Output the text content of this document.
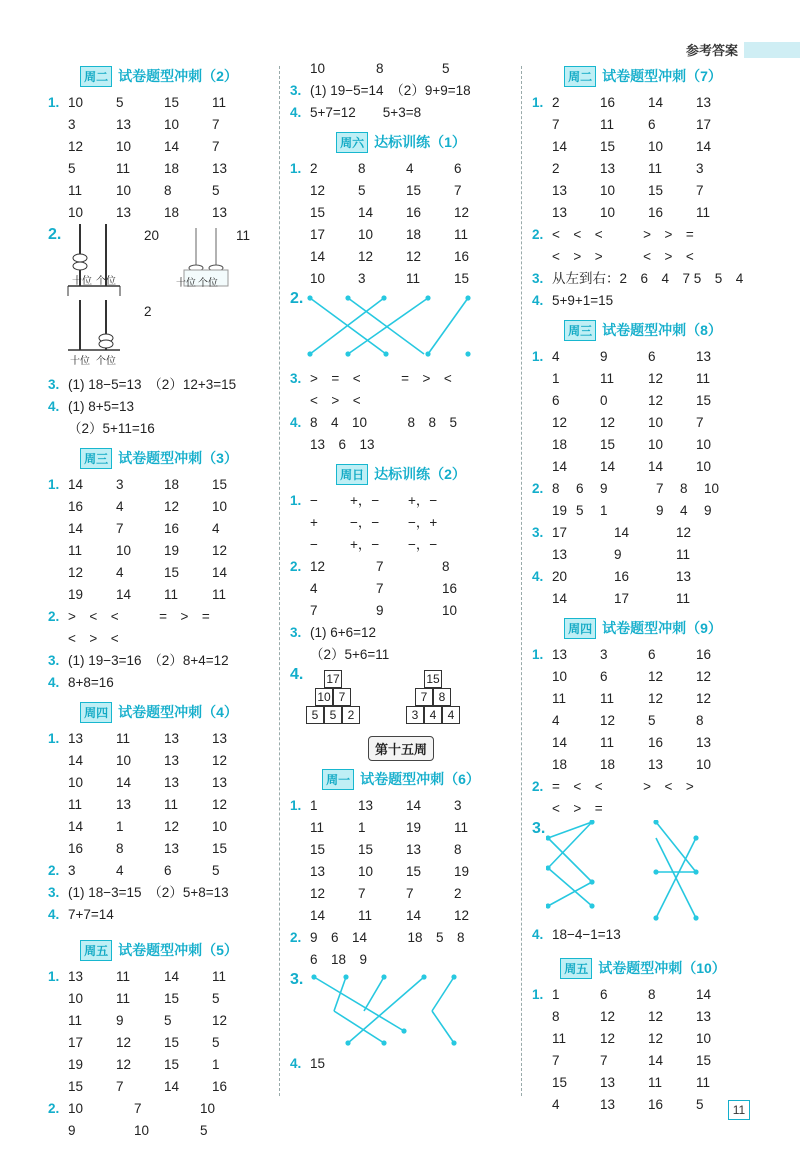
参考答案
周二 试卷题型冲刺（2）
1. 10	5	15	11
3	13	10	7
12	10	14	7
5	11	18	13
11	10	8	5
10	13	18	13
2.
十位 个位	十位 个位
十位 个位
20	11
2
3. (1) 18−5=13　（2）12+3=15
4. (1) 8+5=13
（2）5+11=16
周三 试卷题型冲刺（3）
1. 14	3	18	15
16	4	12	10
14	7	16	4
11	10	19	12
12	4	15	14
19	14	11	11
2. >　<　<　　　=　>　=
<　>　<
3. (1) 19−3=16　（2）8+4=12
4. 8+8=16
周四 试卷题型冲刺（4）
1. 13	11	13	13
14	10	13	12
10	14	13	13
11	13	11	12
14	1	12	10
16	8	13	15
2. 3	4	6	5
3. (1) 18−3=15　（2）5+8=13
4. 7+7=14
周五 试卷题型冲刺（5）
1. 13	11	14	11
10	11	15	5
11	9	5	12
17	12	15	5
19	12	15	1
15	7	14	16
2. 10	7	10
9	10	5
10	8	5
3. (1) 19−5=14　（2）9+9=18
4. 5+7=12　　5+3=8
周六 达标训练（1）
1. 2	8	4	6
12	5	15	7
15	14	16	12
17	10	18	11
14	12	12	16
10	3	11	15
2.
3. >　=　<　　　=　>　<
<　>　<
4. 8　4　10　　　8　8　5
13　6　13
周日 达标训练（2）
1. −	+，−	+，−
+	−，−	−，+
−	+，−	−，−
2. 12	7	8
4	7	16
7	9	10
3. (1) 6+6=12
（2）5+6=11
4.	17
10 7
5 5 2
15
7 8
3 4 4
第十五周
周一 试卷题型冲刺（6）
1. 1	13	14	3
11	1	19	11
15	15	13	8
13	10	15	19
12	7	7	2
14	11	14	12
2. 9　6　14　　　18　5　8
6　18　9
3.
4. 15
周二 试卷题型冲刺（7）
1. 2	16	14	13
7	11	6	17
14	15	10	14
2	13	11	3
13	10	15	7
13	10	16	11
2. <　<　<　　　>　>　=
<　>　>　　　<　>　<
3. 从左到右：2　6　4　7 5　5　4
4. 5+9+1=15
周三 试卷题型冲刺（8）
1. 4	9	6	13
1	11	12	11
6	0	12	15
12	12	10	7
18	15	10	10
14	14	14	10
2. 8	6	9	7	8	10
19 5	1	9	4	9
3. 17	14	12
13	9	11
4. 20	16	13
14	17	11
周四 试卷题型冲刺（9）
1. 13	3	6	16
10	6	12	12
11	11	12	12
4	12	5	8
14	11	16	13
18	18	13	10
2. =　<　<　　　>　<　>
<　>　=
3.
4. 18−4−1=13
周五 试卷题型冲刺（10）
1. 1	6	8	14
8	12	12	13
11	12	12	10
7	7	14	15
15	13	11	11
4	13	16	5	11
